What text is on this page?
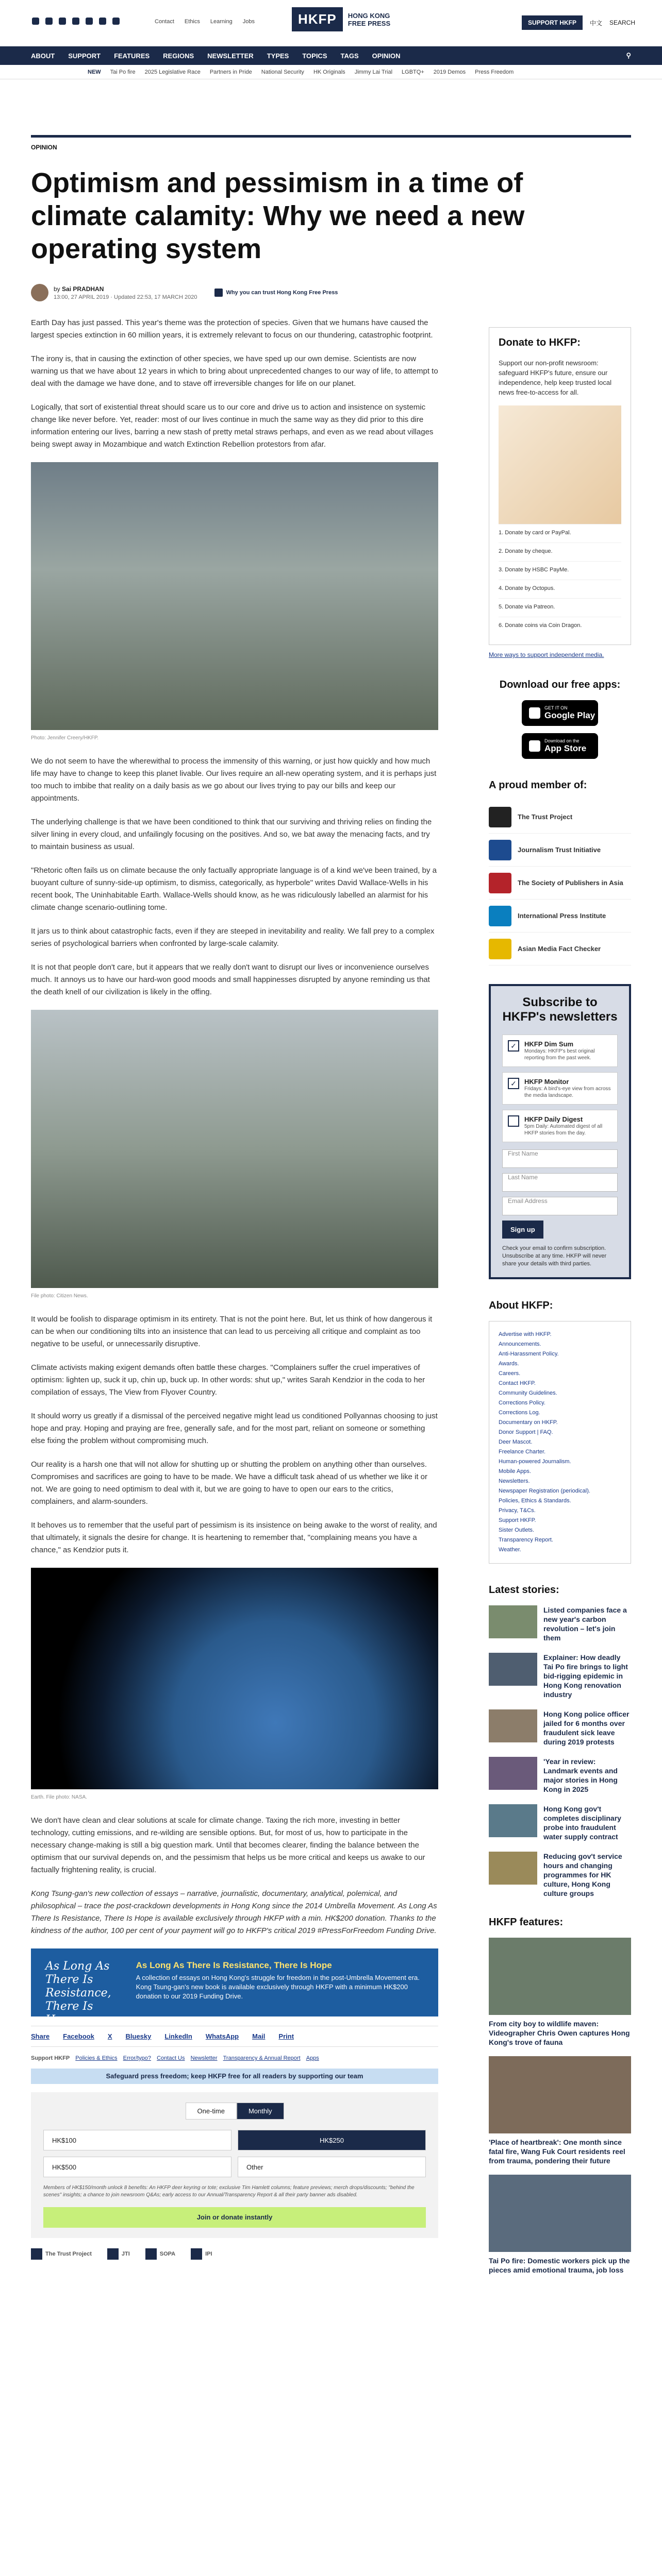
Contact Ethics Learning Jobs	HKFP	HONG KONG
FREE PRESS	SUPPORT HKFP	中文 SEARCH
ABOUT SUPPORT FEATURES REGIONS NEWSLETTER TYPES TOPICS TAGS OPINION	⚲
NEW Tai Po fire 2025 Legislative Race Partners in Pride National Security HK Originals Jimmy Lai Trial LGBTQ+ 2019 Demos Press Freedom
OPINION
Optimism and pessimism in a time of climate calamity: Why we need a new operating system
by Sai PRADHAN
13:00, 27 APRIL 2019 · Updated 22:53, 17 MARCH 2020
Why you can trust Hong Kong Free Press

Earth Day has just passed. This year's theme was the protection of species. Given that we humans have caused the largest species extinction in 60 million years, it is extremely relevant to focus on our thundering, catastrophic footprint.

The irony is, that in causing the extinction of other species, we have sped up our own demise. Scientists are now warning us that we have about 12 years in which to bring about unprecedented changes to our way of life, to attempt to deal with the damage we have done, and to stave off irreversible changes for life on our planet.

Logically, that sort of existential threat should scare us to our core and drive us to action and insistence on systemic change like never before. Yet, reader: most of our lives continue in much the same way as they did prior to this dire information entering our lives, barring a new stash of pretty metal straws perhaps, and even as we read about villages being swept away in Mozambique and watch Extinction Rebellion protestors from afar.

Photo: Jennifer Creery/HKFP.

We do not seem to have the wherewithal to process the immensity of this warning, or just how quickly and how much life may have to change to keep this planet livable. Our lives require an all-new operating system, and it is perhaps just too much to imbibe that reality on a daily basis as we go about our lives trying to pay our bills and keep our appointments.

The underlying challenge is that we have been conditioned to think that our surviving and thriving relies on finding the silver lining in every cloud, and unfailingly focusing on the positives. And so, we bat away the menacing facts, and try to maintain business as usual.

"Rhetoric often fails us on climate because the only factually appropriate language is of a kind we've been trained, by a buoyant culture of sunny-side-up optimism, to dismiss, categorically, as hyperbole" writes David Wallace-Wells in his recent book, The Uninhabitable Earth. Wallace-Wells should know, as he was ridiculously labelled an alarmist for his climate change scenario-outlining tome.

It jars us to think about catastrophic facts, even if they are steeped in inevitability and reality. We fall prey to a complex series of psychological barriers when confronted by large-scale calamity.

It is not that people don't care, but it appears that we really don't want to disrupt our lives or inconvenience ourselves much. It annoys us to have our hard-won good moods and small happinesses disrupted by anyone reminding us that the death knell of our civilization is likely in the offing.

File photo: Citizen News.

It would be foolish to disparage optimism in its entirety. That is not the point here. But, let us think of how dangerous it can be when our conditioning tilts into an insistence that can lead to us perceiving all critique and complaint as too negative to be useful, or unnecessarily disruptive.

Climate activists making exigent demands often battle these charges. "Complainers suffer the cruel imperatives of optimism: lighten up, suck it up, chin up, buck up. In other words: shut up," writes Sarah Kendzior in the coda to her compilation of essays, The View from Flyover Country.

It should worry us greatly if a dismissal of the perceived negative might lead us conditioned Pollyannas choosing to just hope and pray. Hoping and praying are free, generally safe, and for the most part, reliant on someone or something else fixing the problem without compromising much.

Our reality is a harsh one that will not allow for shutting up or shutting the problem on anything other than ourselves. Compromises and sacrifices are going to have to be made. We have a difficult task ahead of us whether we like it or not. We are going to need optimism to deal with it, but we are going to have to open our ears to the critics, complainers, and alarm-sounders.

It behoves us to remember that the useful part of pessimism is its insistence on being awake to the worst of reality, and that ultimately, it signals the desire for change. It is heartening to remember that, "complaining means you have a chance," as Kendzior puts it.

Earth. File photo: NASA.

We don't have clean and clear solutions at scale for climate change. Taxing the rich more, investing in better technology, cutting emissions, and re-wilding are sensible options. But, for most of us, how to participate in the necessary change-making is still a big question mark. Until that becomes clearer, finding the balance between the optimism that our survival depends on, and the pessimism that helps us be more critical and keeps us awake to our factually frightening reality, is crucial.

Kong Tsung-gan's new collection of essays – narrative, journalistic, documentary, analytical, polemical, and philosophical – trace the post-crackdown developments in Hong Kong since the 2014 Umbrella Movement. As Long As There Is Resistance, There Is Hope is available exclusively through HKFP with a min. HK$200 donation. Thanks to the kindness of the author, 100 per cent of your payment will go to HKFP's critical 2019 #PressForFreedom Funding Drive.

As Long As There Is Resistance, There Is Hope
As Long As There Is Resistance, There Is Hope
A collection of essays on Hong Kong's struggle for freedom in the post-Umbrella Movement era. Kong Tsung-gan's new book is available exclusively through HKFP with a minimum HK$200 donation to our 2019 Funding Drive.
Share Facebook X Bluesky LinkedIn WhatsApp Mail Print
Support HKFP Policies & Ethics Error/typo? Contact Us Newsletter Transparency & Annual Report Apps
Safeguard press freedom; keep HKFP free for all readers by supporting our team
One-time	Monthly
HK$100	HK$250
HK$500	Other
Members of HK$150/month unlock 8 benefits: An HKFP deer keyring or tote; exclusive Tim Hamlett columns; feature previews; merch drops/discounts; "behind the scenes" insights; a chance to join newsroom Q&As; early access to our Annual/Transparency Report & all their party banner ads disabled.
Join or donate instantly
The Trust Project	JTI	SOPA	IPI
Donate to HKFP:
Support our non-profit newsroom: safeguard HKFP's future, ensure our independence, help keep trusted local news free-to-access for all.
1. Donate by card or PayPal.
2. Donate by cheque.
3. Donate by HSBC PayMe.
4. Donate by Octopus.
5. Donate via Patreon.
6. Donate coins via Coin Dragon.
More ways to support independent media.
Download our free apps:
GET IT ON
Google Play
Download on the
App Store
A proud member of:
The Trust Project
Journalism Trust Initiative
The Society of Publishers in Asia
International Press Institute
Asian Media Fact Checker
Subscribe to HKFP's newsletters
✓	HKFP Dim Sum
Mondays: HKFP's best original reporting from the past week.
✓	HKFP Monitor
Fridays: A bird's-eye view from across the media landscape.
HKFP Daily Digest
5pm Daily: Automated digest of all HKFP stories from the day.
First Name
Last Name
Email Address
Sign up
Check your email to confirm subscription. Unsubscribe at any time. HKFP will never share your details with third parties.
About HKFP:
Advertise with HKFP.
Announcements.
Anti-Harassment Policy.
Awards.
Careers.
Contact HKFP.
Community Guidelines.
Corrections Policy.
Corrections Log.
Documentary on HKFP.
Donor Support | FAQ.
Deer Mascot.
Freelance Charter.
Human-powered Journalism.
Mobile Apps.
Newsletters.
Newspaper Registration (periodical).
Policies, Ethics & Standards.
Privacy, T&Cs.
Support HKFP.
Sister Outlets.
Transparency Report.
Weather.
Latest stories:
Listed companies face a new year's carbon revolution – let's join them
Explainer: How deadly Tai Po fire brings to light bid-rigging epidemic in Hong Kong renovation industry
Hong Kong police officer jailed for 6 months over fraudulent sick leave during 2019 protests
'Year in review: Landmark events and major stories in Hong Kong in 2025
Hong Kong gov't completes disciplinary probe into fraudulent water supply contract
Reducing gov't service hours and changing programmes for HK culture, Hong Kong culture groups
HKFP features:
From city boy to wildlife maven: Videographer Chris Owen captures Hong Kong's trove of fauna
'Place of heartbreak': One month since fatal fire, Wang Fuk Court residents reel from trauma, pondering their future
Tai Po fire: Domestic workers pick up the pieces amid emotional trauma, job loss
